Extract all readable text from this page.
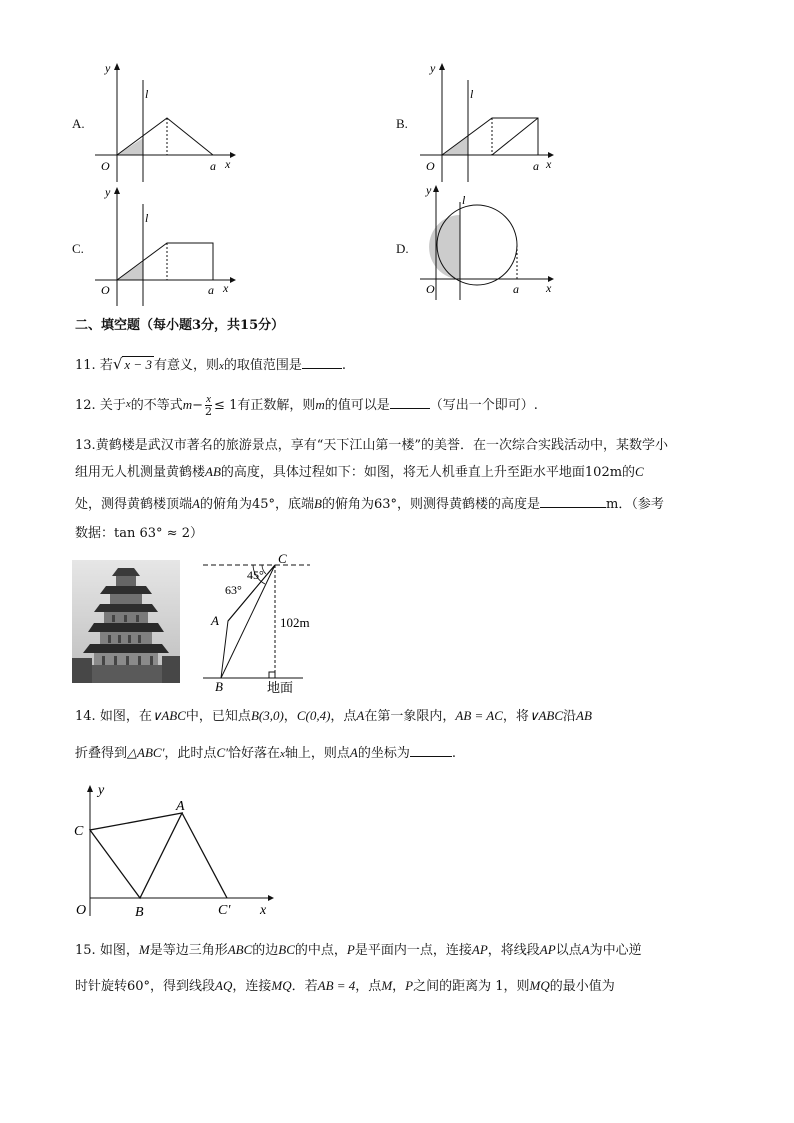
A.
y
l
O	a x
B.
y
l
O	a x
C.
y
l
O	a x
D.
y
l
O	a x
二、填空题（每小题3分，共15分）
11. 若√ x − 3 有意义，则x的取值范围是	.
12. 关于$^x$的不等式$m- \frac{x}{2} \le 1$有正数解，则m的值可以是	（写出一个即可）.
13.黄鹤楼是武汉市著名的旅游景点，享有“天下江山第一楼”的美誉．在一次综合实践活动中，某数学小
组用无人机测量黄鹤楼AB的高度，具体过程如下：如图，将无人机垂直上升至距水平地面102m的C
处，测得黄鹤楼顶端A的俯角为45°，底端B的俯角为63°，则测得黄鹤楼的高度是	m．（参考
数据：tan 63° ≈ 2）
C
A
B
45°
63°
102m
地面
14. 如图，在∨ABC中，已知点B(3,0)，C(0,4)，点A在第一象限内，AB = AC，将∨ABC沿AB
折叠得到△ABC′，此时点C′恰好落在x轴上，则点A的坐标为	.
y
x
O
A
B
C
C′
15. 如图，M是等边三角形ABC的边BC的中点，P是平面内一点，连接AP，将线段AP以点A为中心逆
时针旋转60°，得到线段AQ，连接MQ．若AB = 4，点M，P之间的距离为 1，则MQ的最小值为
